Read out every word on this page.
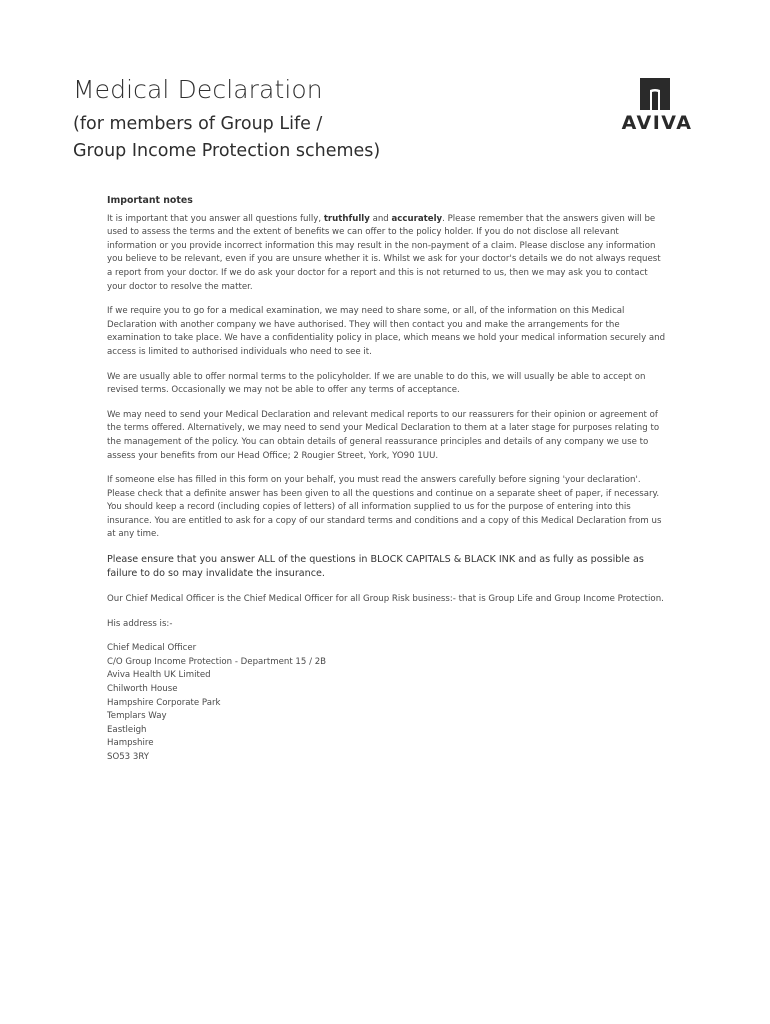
Medical Declaration

(for members of Group Life /
Group Income Protection schemes)

AVIVA
Important notes

It is important that you answer all questions fully, truthfully and accurately. Please remember that the answers given will be used to assess the terms and the extent of benefits we can offer to the policy holder. If you do not disclose all relevant information or you provide incorrect information this may result in the non-payment of a claim. Please disclose any information you believe to be relevant, even if you are unsure whether it is. Whilst we ask for your doctor's details we do not always request a report from your doctor. If we do ask your doctor for a report and this is not returned to us, then we may ask you to contact your doctor to resolve the matter.

If we require you to go for a medical examination, we may need to share some, or all, of the information on this Medical Declaration with another company we have authorised. They will then contact you and make the arrangements for the examination to take place. We have a confidentiality policy in place, which means we hold your medical information securely and access is limited to authorised individuals who need to see it.

We are usually able to offer normal terms to the policyholder. If we are unable to do this, we will usually be able to accept on revised terms. Occasionally we may not be able to offer any terms of acceptance.

We may need to send your Medical Declaration and relevant medical reports to our reassurers for their opinion or agreement of the terms offered. Alternatively, we may need to send your Medical Declaration to them at a later stage for purposes relating to the management of the policy. You can obtain details of general reassurance principles and details of any company we use to assess your benefits from our Head Office; 2 Rougier Street, York, YO90 1UU.

If someone else has filled in this form on your behalf, you must read the answers carefully before signing 'your declaration'. Please check that a definite answer has been given to all the questions and continue on a separate sheet of paper, if necessary. You should keep a record (including copies of letters) of all information supplied to us for the purpose of entering into this insurance. You are entitled to ask for a copy of our standard terms and conditions and a copy of this Medical Declaration from us at any time.

Please ensure that you answer ALL of the questions in BLOCK CAPITALS & BLACK INK and as fully as possible as failure to do so may invalidate the insurance.

Our Chief Medical Officer is the Chief Medical Officer for all Group Risk business:- that is Group Life and Group Income Protection.

His address is:-

Chief Medical Officer
C/O Group Income Protection - Department 15 / 2B
Aviva Health UK Limited
Chilworth House
Hampshire Corporate Park
Templars Way
Eastleigh
Hampshire
SO53 3RY
